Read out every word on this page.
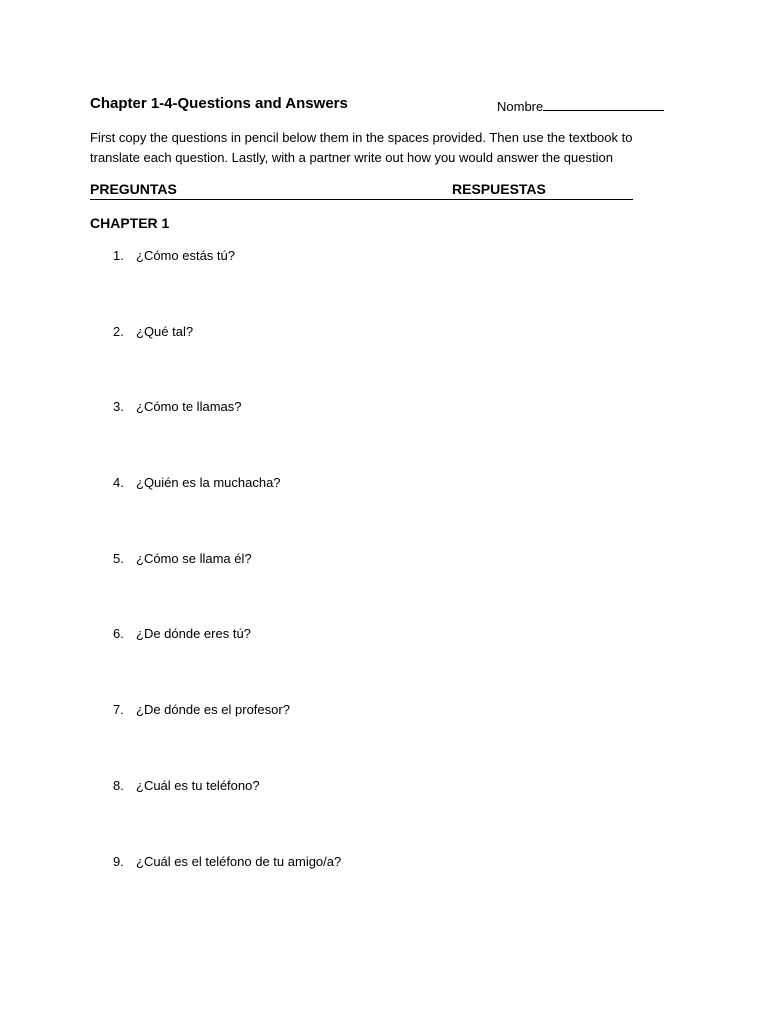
Chapter 1-4-Questions and Answers	Nombre
First copy the questions in pencil below them in the spaces provided. Then use the textbook to
translate each question. Lastly, with a partner write out how you would answer the question
PREGUNTAS	RESPUESTAS
CHAPTER 1
1. ¿Cómo estás tú?
2. ¿Qué tal?
3. ¿Cómo te llamas?
4. ¿Quién es la muchacha?
5. ¿Cómo se llama él?
6. ¿De dónde eres tú?
7. ¿De dónde es el profesor?
8. ¿Cuál es tu teléfono?
9. ¿Cuál es el teléfono de tu amigo/a?
